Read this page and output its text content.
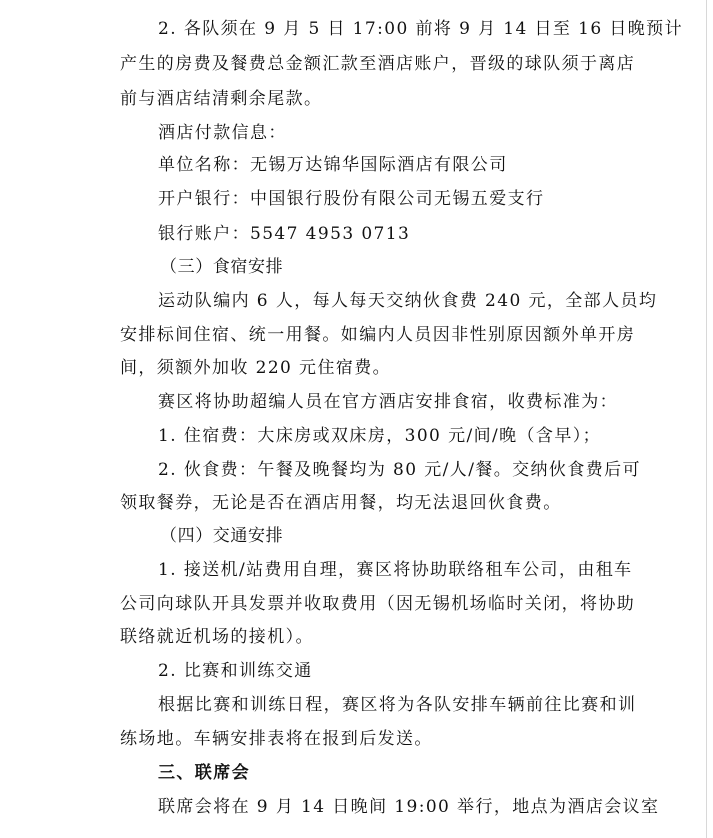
2. 各队须在 9 月 5 日 17:00 前将 9 月 14 日至 16 日晚预计
产生的房费及餐费总金额汇款至酒店账户，晋级的球队须于离店
前与酒店结清剩余尾款。
酒店付款信息：
单位名称：无锡万达锦华国际酒店有限公司
开户银行：中国银行股份有限公司无锡五爱支行
银行账户：5547 4953 0713
（三）食宿安排
运动队编内 6 人，每人每天交纳伙食费 240 元，全部人员均
安排标间住宿、统一用餐。如编内人员因非性别原因额外单开房
间，须额外加收 220 元住宿费。
赛区将协助超编人员在官方酒店安排食宿，收费标准为：
1. 住宿费：大床房或双床房，300 元/间/晚（含早）；
2. 伙食费：午餐及晚餐均为 80 元/人/餐。交纳伙食费后可
领取餐券，无论是否在酒店用餐，均无法退回伙食费。
（四）交通安排
1. 接送机/站费用自理，赛区将协助联络租车公司，由租车
公司向球队开具发票并收取费用（因无锡机场临时关闭，将协助
联络就近机场的接机）。
2. 比赛和训练交通
根据比赛和训练日程，赛区将为各队安排车辆前往比赛和训
练场地。车辆安排表将在报到后发送。
三、联席会
联席会将在 9 月 14 日晚间 19:00 举行，地点为酒店会议室
